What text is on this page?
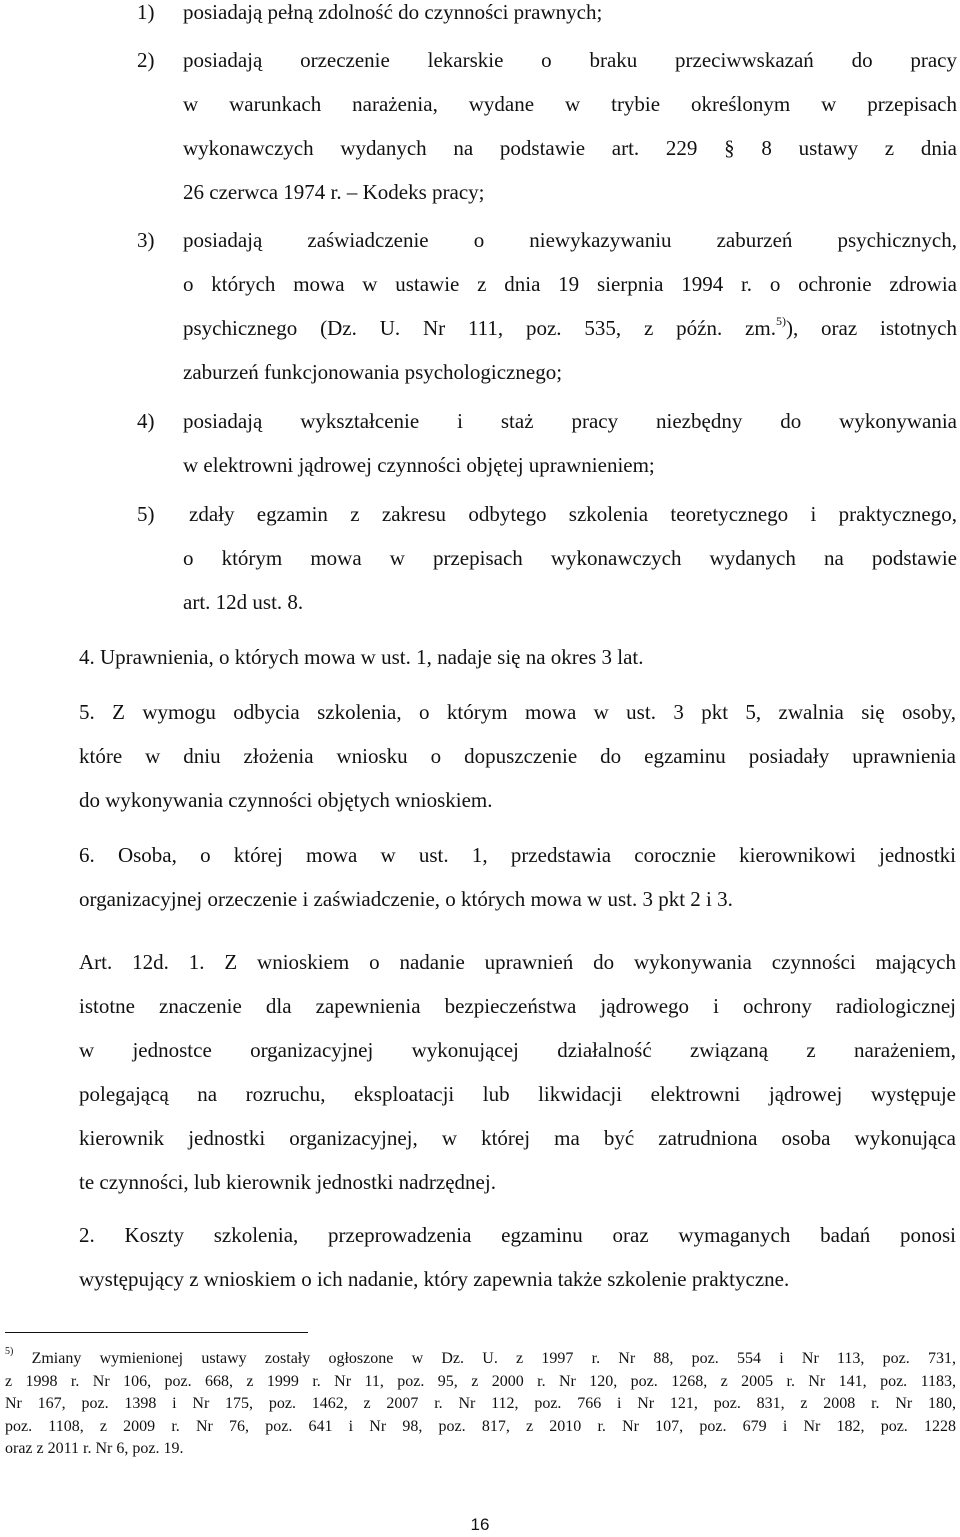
1) posiadają pełną zdolność do czynności prawnych;

2) posiadają orzeczenie lekarskie o braku przeciwwskazań do pracy

w warunkach narażenia, wydane w trybie określonym w przepisach

wykonawczych wydanych na podstawie art. 229 § 8 ustawy z dnia

26 czerwca 1974 r. – Kodeks pracy;

3) posiadają zaświadczenie o niewykazywaniu zaburzeń psychicznych,

o których mowa w ustawie z dnia 19 sierpnia 1994 r. o ochronie zdrowia

psychicznego (Dz. U. Nr 111, poz. 535, z późn. zm.$^{5)}$), oraz istotnych

zaburzeń funkcjonowania psychologicznego;

4) posiadają wykształcenie i staż pracy niezbędny do wykonywania

w elektrowni jądrowej czynności objętej uprawnieniem;

5) zdały egzamin z zakresu odbytego szkolenia teoretycznego i praktycznego,

o którym mowa w przepisach wykonawczych wydanych na podstawie

art. 12d ust. 8.

4. Uprawnienia, o których mowa w ust. 1, nadaje się na okres 3 lat.
5. Z wymogu odbycia szkolenia, o którym mowa w ust. 3 pkt 5, zwalnia się osoby,
które w dniu złożenia wniosku o dopuszczenie do egzaminu posiadały uprawnienia
do wykonywania czynności objętych wnioskiem.
6. Osoba, o której mowa w ust. 1, przedstawia corocznie kierownikowi jednostki
organizacyjnej orzeczenie i zaświadczenie, o których mowa w ust. 3 pkt 2 i 3.
Art. 12d. 1. Z wnioskiem o nadanie uprawnień do wykonywania czynności mających
istotne znaczenie dla zapewnienia bezpieczeństwa jądrowego i ochrony radiologicznej
w jednostce organizacyjnej wykonującej działalność związaną z narażeniem,
polegającą na rozruchu, eksploatacji lub likwidacji elektrowni jądrowej występuje
kierownik jednostki organizacyjnej, w której ma być zatrudniona osoba wykonująca
te czynności, lub kierownik jednostki nadrzędnej.
2. Koszty szkolenia, przeprowadzenia egzaminu oraz wymaganych badań ponosi
występujący z wnioskiem o ich nadanie, który zapewnia także szkolenie praktyczne.
$^{5)}$ Zmiany wymienionej ustawy zostały ogłoszone w Dz. U. z 1997 r. Nr 88, poz. 554 i Nr 113, poz. 731,
z 1998 r. Nr 106, poz. 668, z 1999 r. Nr 11, poz. 95, z 2000 r. Nr 120, poz. 1268, z 2005 r. Nr 141, poz. 1183,
Nr 167, poz. 1398 i Nr 175, poz. 1462, z 2007 r. Nr 112, poz. 766 i Nr 121, poz. 831, z 2008 r. Nr 180,
poz. 1108, z 2009 r. Nr 76, poz. 641 i Nr 98, poz. 817, z 2010 r. Nr 107, poz. 679 i Nr 182, poz. 1228
oraz z 2011 r. Nr 6, poz. 19.
16
